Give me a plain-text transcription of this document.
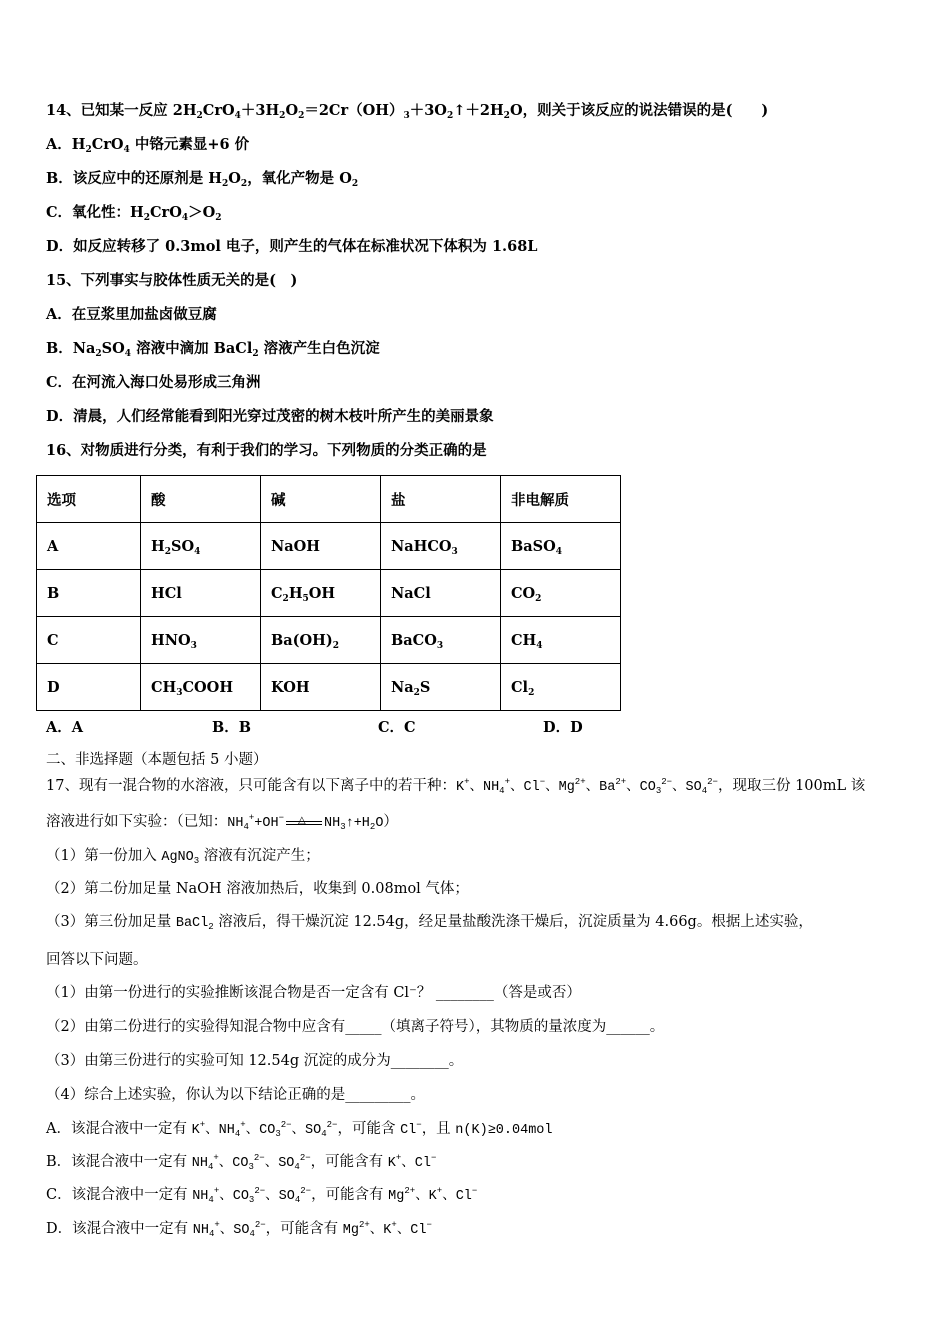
14、已知某一反应 $2H_2CrO_4+3H_2O_2=2Cr(OH)_3+3O_2↑+2H_2O$，则关于该反应的说法错误的是(　　)
A．$H_2CrO_4$ 中铬元素显+6 价
B．该反应中的还原剂是 $H_2O_2$，氧化产物是 $O_2$
C．氧化性：$H_2CrO_4>O_2$
D．如反应转移了 0.3mol 电子，则产生的气体在标准状况下体积为 1.68L
15、下列事实与胶体性质无关的是(　)
A．在豆浆里加盐卤做豆腐
B．$Na_2SO_4$ 溶液中滴加 BaCl$_2$ 溶液产生白色沉淀
C．在河流入海口处易形成三角洲
D．清晨，人们经常能看到阳光穿过茂密的树木枝叶所产生的美丽景象
16、对物质进行分类，有利于我们的学习。下列物质的分类正确的是
选项	酸	碱	盐	非电解质
A	$H_2SO_4$	NaOH	NaHCO$_3$	BaSO$_4$
B	HCl	$C_2H_5OH$	NaCl	$CO_2$
C	$HNO_3$	$Ba(OH)_2$	BaCO$_3$	$CH_4$
D	$CH_3COOH$	KOH	$Na_2S$	$Cl_2$
A．A	B．B	C．C	D．D
二、非选择题（本题包括 5 小题）
17、现有一混合物的水溶液，只可能含有以下离子中的若干种：K+、$NH_4^+$、Cl−、$Mg^{2+}$、$Ba^{2+}$、$CO_3^{2-}$、$SO_4^{2-}$，现取三份 100mL 该
溶液进行如下实验：（已知：$NH_4^++OH^-$ △ $NH_3↑+H_2O$）
（1）第一份加入 AgNO$_3$ 溶液有沉淀产生；
（2）第二份加足量 NaOH 溶液加热后，收集到 0.08mol 气体；
（3）第三份加足量 BaCl$_2$ 溶液后，得干燥沉淀 12.54g，经足量盐酸洗涤干燥后，沉淀质量为 4.66g。根据上述实验，
回答以下问题。
（1）由第一份进行的实验推断该混合物是否一定含有 Cl⁻？ ________（答是或否）
（2）由第二份进行的实验得知混合物中应含有_____（填离子符号），其物质的量浓度为______。
（3）由第三份进行的实验可知 12.54g 沉淀的成分为________。
（4）综合上述实验，你认为以下结论正确的是_________。
A．该混合液中一定有 K+、$NH_4^+$、$CO_3^{2-}$、$SO_4^{2-}$，可能含 Cl−，且 n(K)≥0.04mol
B．该混合液中一定有 $NH_4^+$、$CO_3^{2-}$、$SO_4^{2-}$，可能含有 K+、Cl−
C．该混合液中一定有 $NH_4^+$、$CO_3^{2-}$、$SO_4^{2-}$，可能含有 $Mg^{2+}$、K+、Cl−
D．该混合液中一定有 $NH_4^+$、$SO_4^{2-}$，可能含有 $Mg^{2+}$、K+、Cl−
